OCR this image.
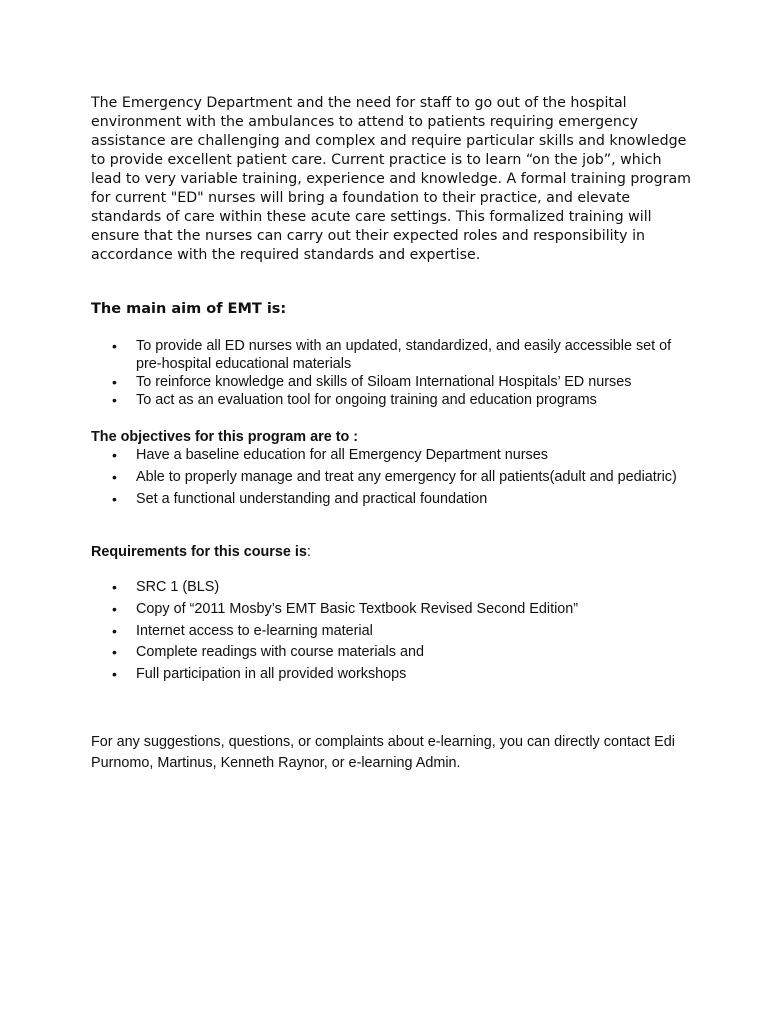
The Emergency Department and the need for staff to go out of the hospital environment with the ambulances to attend to patients requiring emergency assistance are challenging and complex and require particular skills and knowledge to provide excellent patient care. Current practice is to learn “on the job”, which lead to very variable training, experience and knowledge. A formal training program for current "ED" nurses will bring a foundation to their practice, and elevate standards of care within these acute care settings. This formalized training will ensure that the nurses can carry out their expected roles and responsibility in accordance with the required standards and expertise.

The main aim of EMT is:
• To provide all ED nurses with an updated, standardized, and easily accessible set of pre-hospital educational materials
• To reinforce knowledge and skills of Siloam International Hospitals’ ED nurses
• To act as an evaluation tool for ongoing training and education programs

The objectives for this program are to :

• Have a baseline education for all Emergency Department nurses
• Able to properly manage and treat any emergency for all patients(adult and pediatric)
• Set a functional understanding and practical foundation

Requirements for this course is:

• SRC 1 (BLS)
• Copy of “2011 Mosby’s EMT Basic Textbook Revised Second Edition”
• Internet access to e-learning material
• Complete readings with course materials and
• Full participation in all provided workshops

For any suggestions, questions, or complaints about e-learning, you can directly contact Edi Purnomo, Martinus, Kenneth Raynor, or e-learning Admin.
